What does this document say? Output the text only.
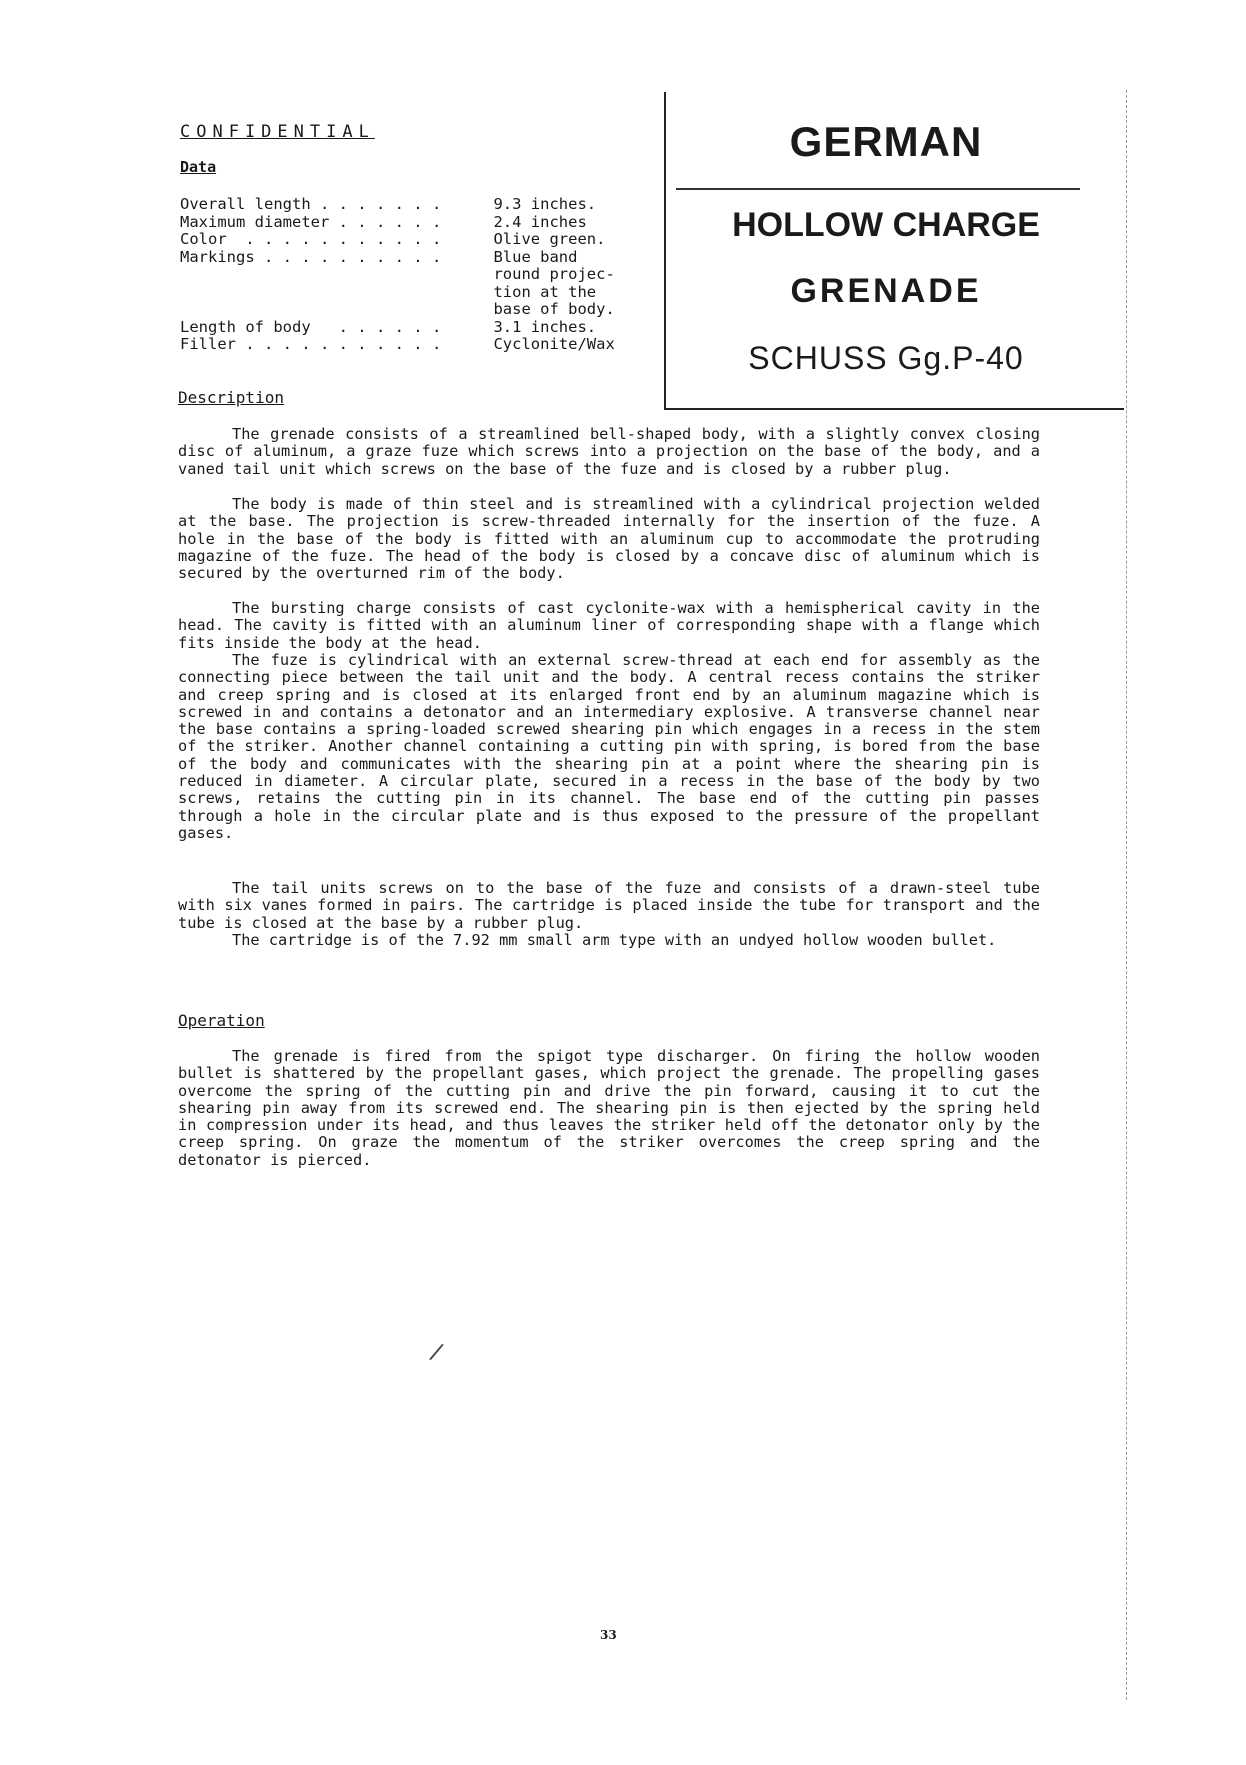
CONFIDENTIAL
Data
Overall length . . . . . . .	9.3 inches.
Maximum diameter . . . . . .	2.4 inches
Color  . . . . . . . . . . .	Olive green.
Markings . . . . . . . . . .	Blue band
round projec-
tion at the
base of body.
Length of body   . . . . . .	3.1 inches.
Filler . . . . . . . . . . .	Cyclonite/Wax
GERMAN
HOLLOW CHARGE
GRENADE
SCHUSS Gg.P-40
Description

The grenade consists of a streamlined bell-shaped body, with a slightly convex closing disc of aluminum, a graze fuze which screws into a projection on the base of the body, and a vaned tail unit which screws on the base of the fuze and is closed by a rubber plug.

The body is made of thin steel and is streamlined with a cylindrical projection welded at the base. The projection is screw-threaded internally for the insertion of the fuze. A hole in the base of the body is fitted with an aluminum cup to accommodate the protruding magazine of the fuze. The head of the body is closed by a concave disc of aluminum which is secured by the overturned rim of the body.

The bursting charge consists of cast cyclonite-wax with a hemispherical cavity in the head. The cavity is fitted with an aluminum liner of corresponding shape with a flange which fits inside the body at the head.

The fuze is cylindrical with an external screw-thread at each end for assembly as the connecting piece between the tail unit and the body. A central recess contains the striker and creep spring and is closed at its enlarged front end by an aluminum magazine which is screwed in and contains a detonator and an intermediary explosive. A transverse channel near the base contains a spring-loaded screwed shearing pin which engages in a recess in the stem of the striker. Another channel containing a cutting pin with spring, is bored from the base of the body and communicates with the shearing pin at a point where the shearing pin is reduced in diameter. A circular plate, secured in a recess in the base of the body by two screws, retains the cutting pin in its channel. The base end of the cutting pin passes through a hole in the circular plate and is thus exposed to the pressure of the propellant gases.

The tail units screws on to the base of the fuze and consists of a drawn-steel tube with six vanes formed in pairs. The cartridge is placed inside the tube for transport and the tube is closed at the base by a rubber plug.

The cartridge is of the 7.92 mm small arm type with an undyed hollow wooden bullet.

Operation

The grenade is fired from the spigot type discharger. On firing the hollow wooden bullet is shattered by the propellant gases, which project the grenade. The propelling gases overcome the spring of the cutting pin and drive the pin forward, causing it to cut the shearing pin away from its screwed end. The shearing pin is then ejected by the spring held in compression under its head, and thus leaves the striker held off the detonator only by the creep spring. On graze the momentum of the striker overcomes the creep spring and the detonator is pierced.

/
33
